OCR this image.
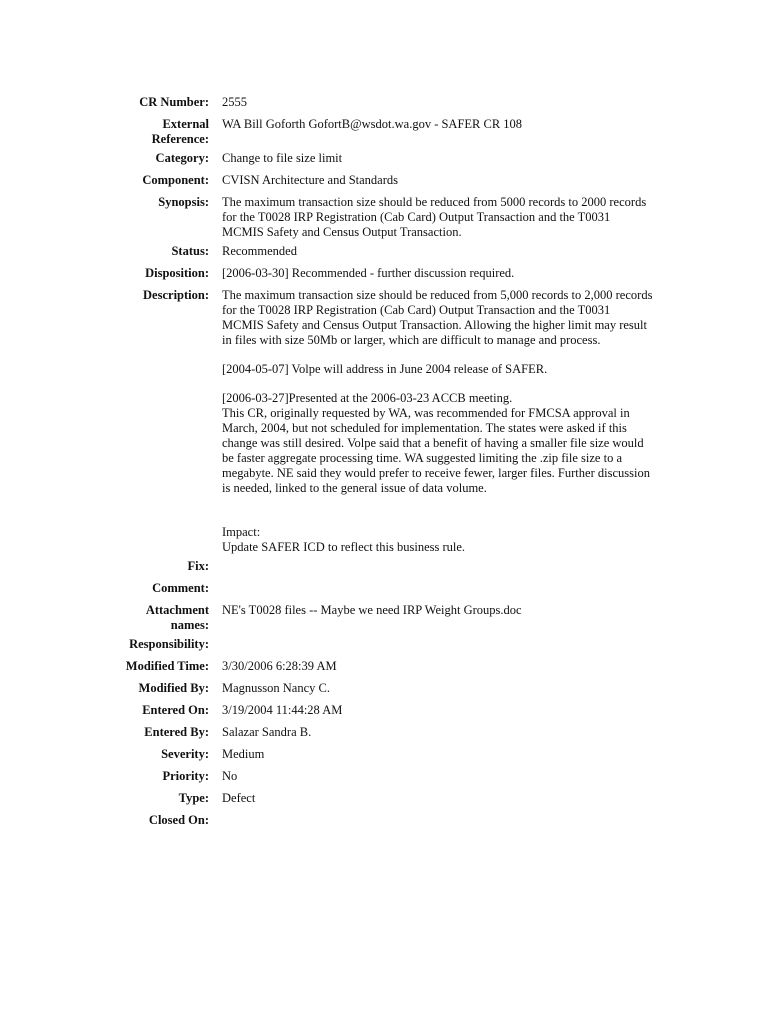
CR Number: 2555
External
Reference:
WA Bill Goforth GofortB@wsdot.wa.gov - SAFER CR 108
Category: Change to file size limit
Component: CVISN Architecture and Standards
Synopsis: The maximum transaction size should be reduced from 5000 records to 2000 records
for the T0028 IRP Registration (Cab Card) Output Transaction and the T0031
MCMIS Safety and Census Output Transaction.
Status: Recommended
Disposition: [2006-03-30] Recommended - further discussion required.
Description: The maximum transaction size should be reduced from 5,000 records to 2,000 records
for the T0028 IRP Registration (Cab Card) Output Transaction and the T0031
MCMIS Safety and Census Output Transaction. Allowing the higher limit may result
in files with size 50Mb or larger, which are difficult to manage and process.

[2004-05-07] Volpe will address in June 2004 release of SAFER.

[2006-03-27]Presented at the 2006-03-23 ACCB meeting.
This CR, originally requested by WA, was recommended for FMCSA approval in
March, 2004, but not scheduled for implementation. The states were asked if this
change was still desired. Volpe said that a benefit of having a smaller file size would
be faster aggregate processing time. WA suggested limiting the .zip file size to a
megabyte. NE said they would prefer to receive fewer, larger files. Further discussion
is needed, linked to the general issue of data volume.

Impact:
Update SAFER ICD to reflect this business rule.

Fix:
Comment:
Attachment
names:
NE's T0028 files -- Maybe we need IRP Weight Groups.doc
Responsibility:
Modified Time: 3/30/2006 6:28:39 AM
Modified By: Magnusson Nancy C.
Entered On: 3/19/2004 11:44:28 AM
Entered By: Salazar Sandra B.
Severity: Medium
Priority: No
Type: Defect
Closed On:
